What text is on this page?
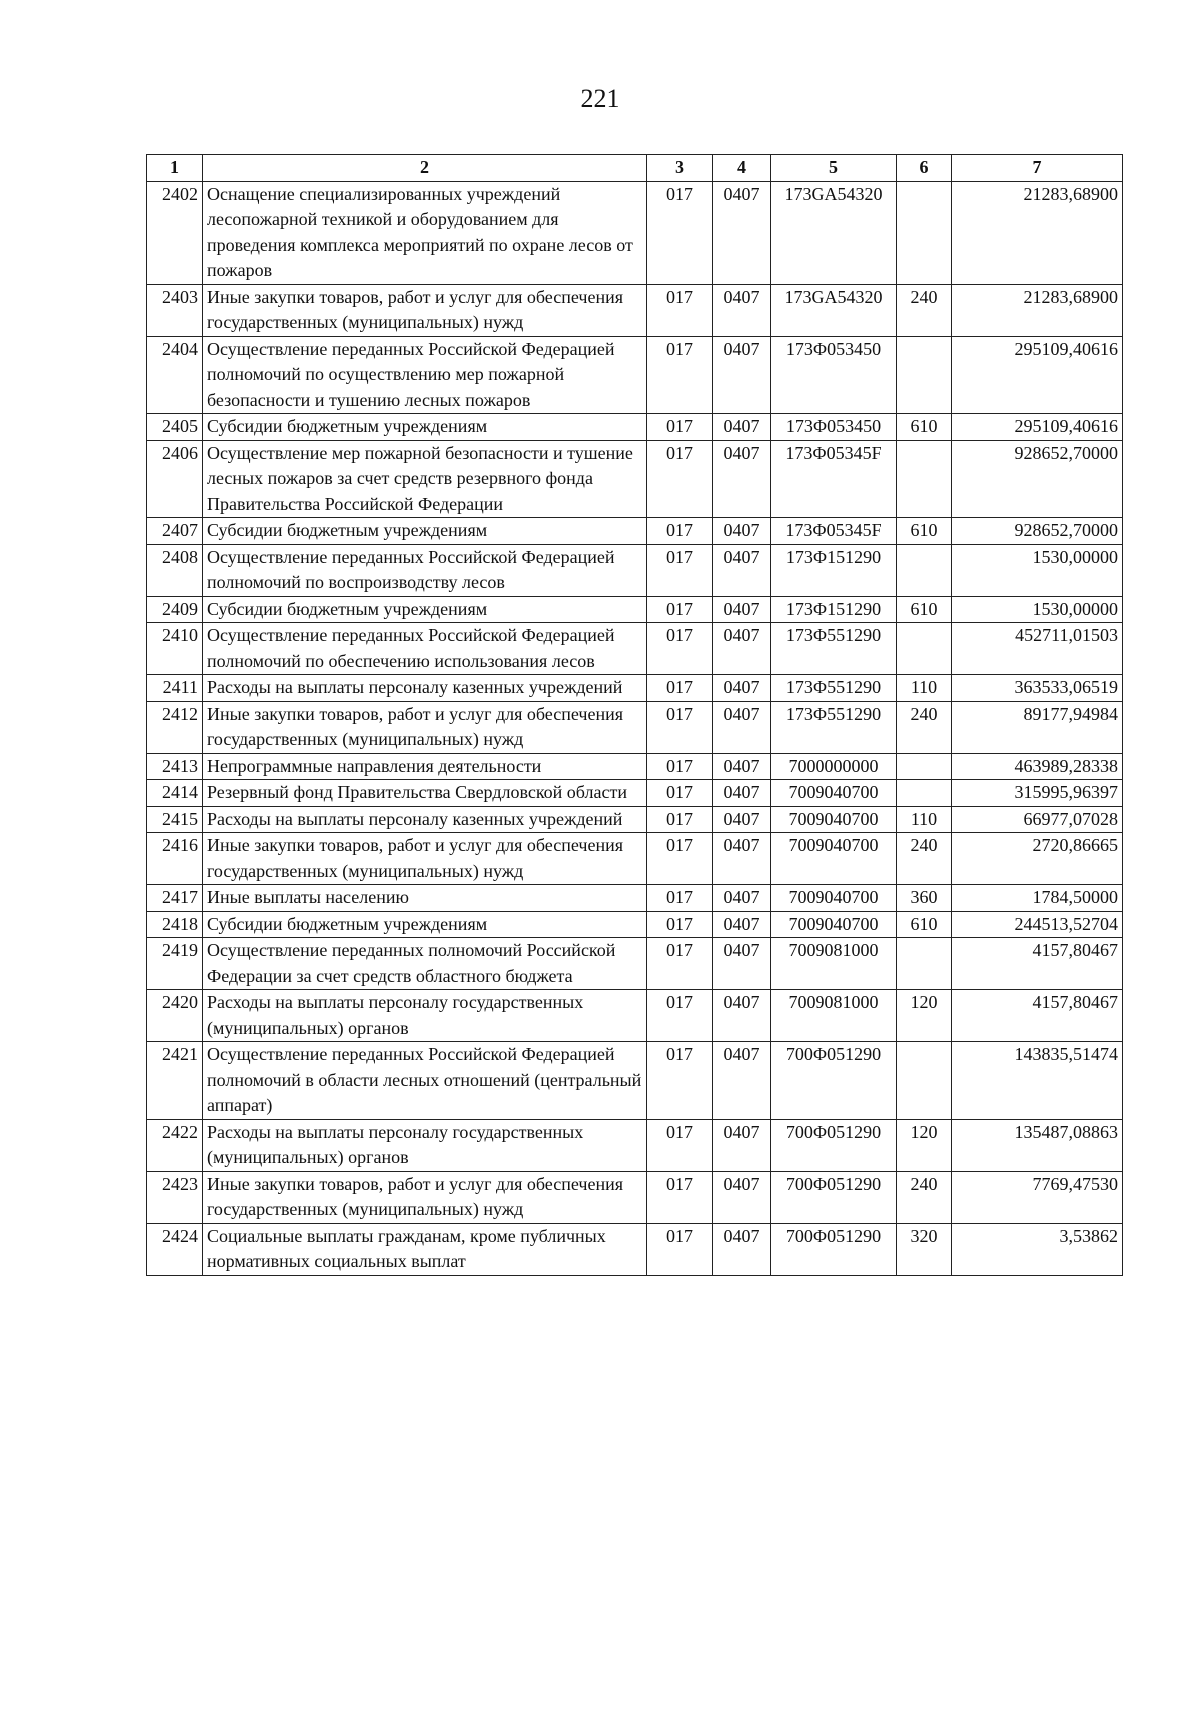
221
1	2	3	4	5	6	7
2402	Оснащение специализированных учреждений лесопожарной техникой и оборудованием для проведения комплекса мероприятий по охране лесов от пожаров	017	0407	173GA54320		21283,68900
2403	Иные закупки товаров, работ и услуг для обеспечения государственных (муниципальных) нужд	017	0407	173GA54320	240	21283,68900
2404	Осуществление переданных Российской Федерацией полномочий по осуществлению мер пожарной безопасности и тушению лесных пожаров	017	0407	173Ф053450		295109,40616
2405	Субсидии бюджетным учреждениям	017	0407	173Ф053450	610	295109,40616
2406	Осуществление мер пожарной безопасности и тушение лесных пожаров за счет средств резервного фонда Правительства Российской Федерации	017	0407	173Ф05345F		928652,70000
2407	Субсидии бюджетным учреждениям	017	0407	173Ф05345F	610	928652,70000
2408	Осуществление переданных Российской Федерацией полномочий по воспроизводству лесов	017	0407	173Ф151290		1530,00000
2409	Субсидии бюджетным учреждениям	017	0407	173Ф151290	610	1530,00000
2410	Осуществление переданных Российской Федерацией полномочий по обеспечению использования лесов	017	0407	173Ф551290		452711,01503
2411	Расходы на выплаты персоналу казенных учреждений	017	0407	173Ф551290	110	363533,06519
2412	Иные закупки товаров, работ и услуг для обеспечения государственных (муниципальных) нужд	017	0407	173Ф551290	240	89177,94984
2413	Непрограммные направления деятельности	017	0407	7000000000		463989,28338
2414	Резервный фонд Правительства Свердловской области	017	0407	7009040700		315995,96397
2415	Расходы на выплаты персоналу казенных учреждений	017	0407	7009040700	110	66977,07028
2416	Иные закупки товаров, работ и услуг для обеспечения государственных (муниципальных) нужд	017	0407	7009040700	240	2720,86665
2417	Иные выплаты населению	017	0407	7009040700	360	1784,50000
2418	Субсидии бюджетным учреждениям	017	0407	7009040700	610	244513,52704
2419	Осуществление переданных полномочий Российской Федерации за счет средств областного бюджета	017	0407	7009081000		4157,80467
2420	Расходы на выплаты персоналу государственных (муниципальных) органов	017	0407	7009081000	120	4157,80467
2421	Осуществление переданных Российской Федерацией полномочий в области лесных отношений (центральный аппарат)	017	0407	700Ф051290		143835,51474
2422	Расходы на выплаты персоналу государственных (муниципальных) органов	017	0407	700Ф051290	120	135487,08863
2423	Иные закупки товаров, работ и услуг для обеспечения государственных (муниципальных) нужд	017	0407	700Ф051290	240	7769,47530
2424	Социальные выплаты гражданам, кроме публичных нормативных социальных выплат	017	0407	700Ф051290	320	3,53862
